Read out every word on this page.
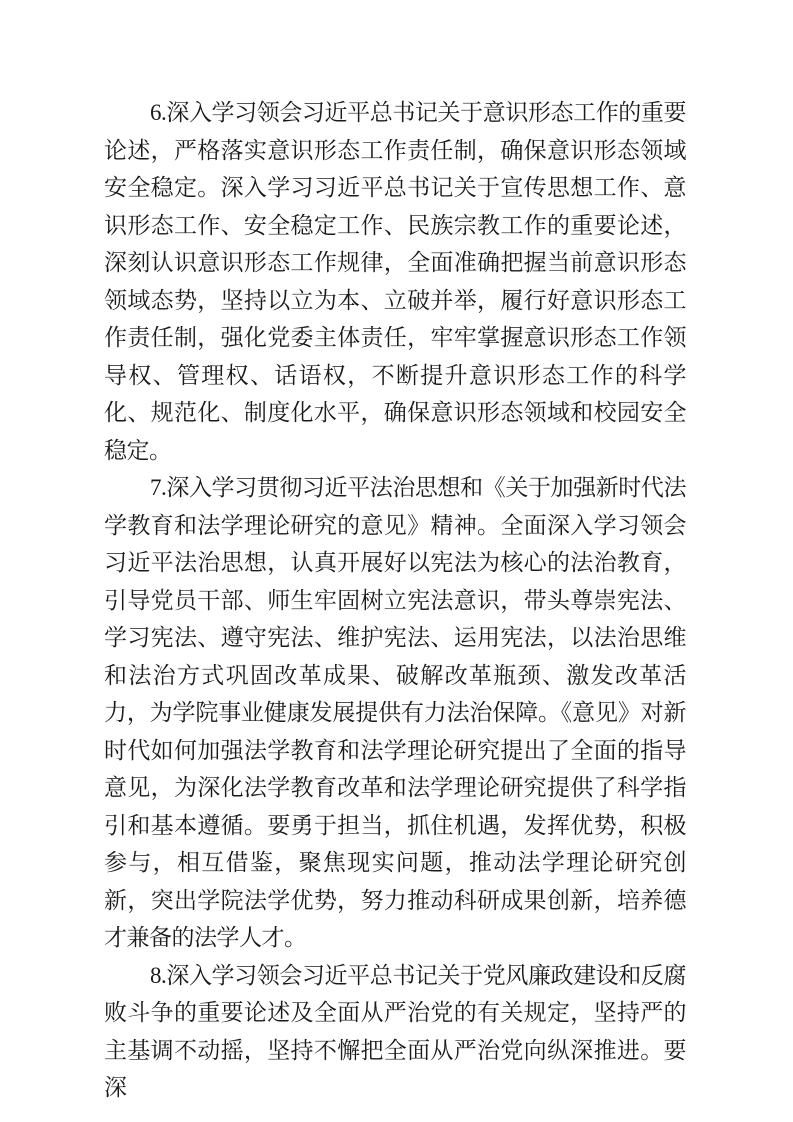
6.深入学习领会习近平总书记关于意识形态工作的重要论述，严格落实意识形态工作责任制，确保意识形态领域安全稳定。深入学习习近平总书记关于宣传思想工作、意识形态工作、安全稳定工作、民族宗教工作的重要论述，深刻认识意识形态工作规律，全面准确把握当前意识形态领域态势，坚持以立为本、立破并举，履行好意识形态工作责任制，强化党委主体责任，牢牢掌握意识形态工作领导权、管理权、话语权，不断提升意识形态工作的科学化、规范化、制度化水平，确保意识形态领域和校园安全稳定。

7.深入学习贯彻习近平法治思想和《关于加强新时代法学教育和法学理论研究的意见》精神。全面深入学习领会习近平法治思想，认真开展好以宪法为核心的法治教育，引导党员干部、师生牢固树立宪法意识，带头尊崇宪法、学习宪法、遵守宪法、维护宪法、运用宪法，以法治思维和法治方式巩固改革成果、破解改革瓶颈、激发改革活力，为学院事业健康发展提供有力法治保障。《意见》对新时代如何加强法学教育和法学理论研究提出了全面的指导意见，为深化法学教育改革和法学理论研究提供了科学指引和基本遵循。要勇于担当，抓住机遇，发挥优势，积极参与，相互借鉴，聚焦现实问题，推动法学理论研究创新，突出学院法学优势，努力推动科研成果创新，培养德才兼备的法学人才。

8.深入学习领会习近平总书记关于党风廉政建设和反腐败斗争的重要论述及全面从严治党的有关规定，坚持严的主基调不动摇，坚持不懈把全面从严治党向纵深推进。要深
